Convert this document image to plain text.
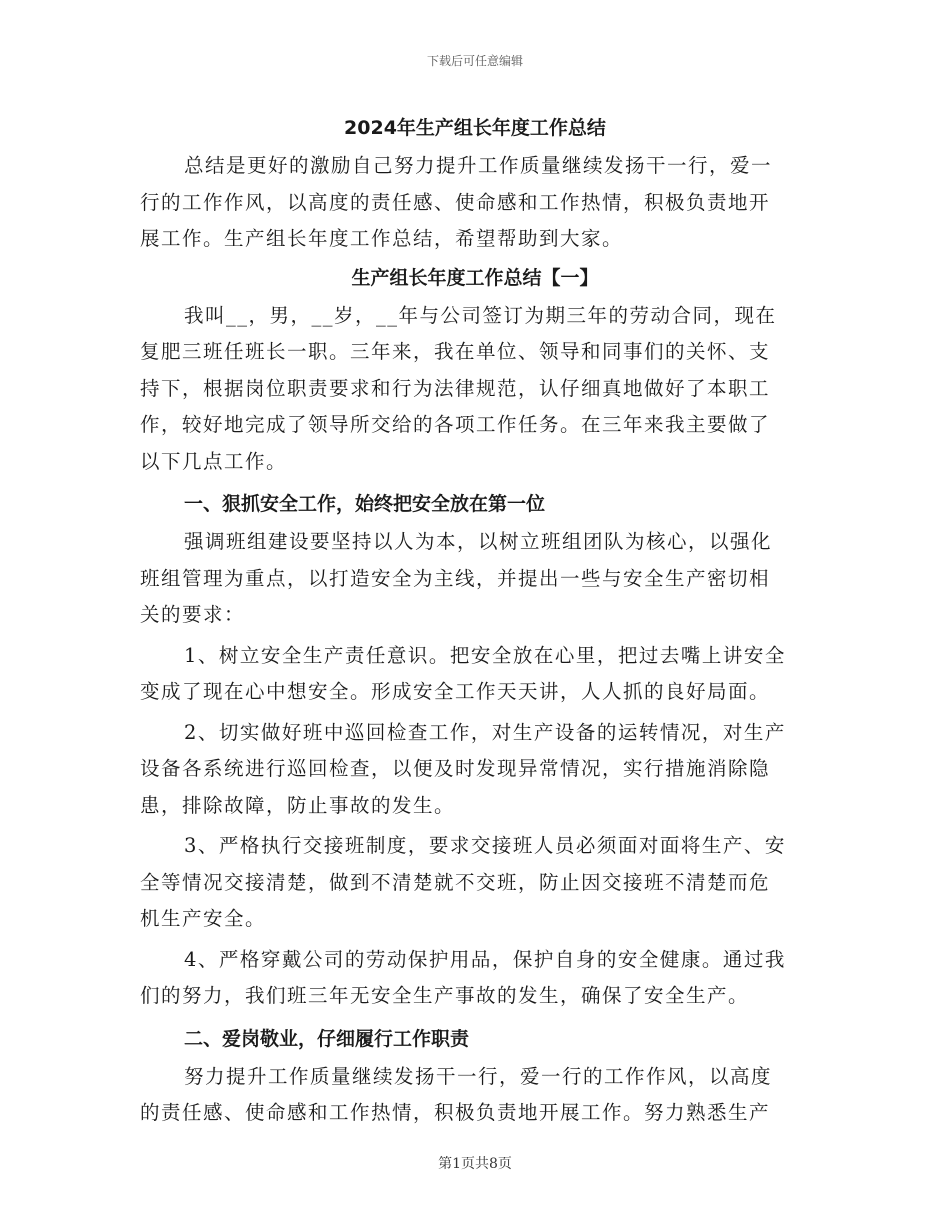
下载后可任意编辑
2024年生产组长年度工作总结
总结是更好的激励自己努力提升工作质量继续发扬干一行，爱一
行的工作作风，以高度的责任感、使命感和工作热情，积极负责地开
展工作。生产组长年度工作总结，希望帮助到大家。
生产组长年度工作总结【一】
我叫__，男，__岁，__年与公司签订为期三年的劳动合同，现在
复肥三班任班长一职。三年来，我在单位、领导和同事们的关怀、支
持下，根据岗位职责要求和行为法律规范，认仔细真地做好了本职工
作，较好地完成了领导所交给的各项工作任务。在三年来我主要做了
以下几点工作。
一、狠抓安全工作，始终把安全放在第一位
强调班组建设要坚持以人为本，以树立班组团队为核心，以强化
班组管理为重点，以打造安全为主线，并提出一些与安全生产密切相
关的要求：
1、树立安全生产责任意识。把安全放在心里，把过去嘴上讲安全
变成了现在心中想安全。形成安全工作天天讲，人人抓的良好局面。
2、切实做好班中巡回检查工作，对生产设备的运转情况，对生产
设备各系统进行巡回检查，以便及时发现异常情况，实行措施消除隐
患，排除故障，防止事故的发生。
3、严格执行交接班制度，要求交接班人员必须面对面将生产、安
全等情况交接清楚，做到不清楚就不交班，防止因交接班不清楚而危
机生产安全。
4、严格穿戴公司的劳动保护用品，保护自身的安全健康。通过我
们的努力，我们班三年无安全生产事故的发生，确保了安全生产。
二、爱岗敬业，仔细履行工作职责
努力提升工作质量继续发扬干一行，爱一行的工作作风，以高度
的责任感、使命感和工作热情，积极负责地开展工作。努力熟悉生产
第1页共8页
